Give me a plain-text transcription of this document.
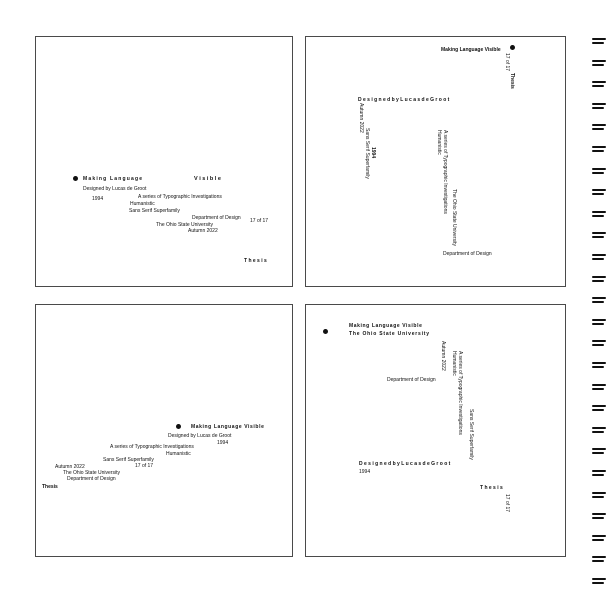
Making Language	V i s i b l e
Designed by Lucas de Groot
1994	A series of Typographic Investigations
Humanistic
Sans Serif Superfamily
Department of Design 17 of 17
The Ohio State University
Autumn 2022
T h e s i s
Making Language Visible
17 of 17
Thesis
D e s i g n e d b y L u c a s d e G r o o t
Autumn 2022
Sans Serif Superfamily 1994	A series of Typographic Investigations
Humanistic
The Ohio State University
Department of Design
Making Language Visible
Designed by Lucas de Groot
1994
A series of Typographic Investigations
Humanistic
Sans Serif Superfamily
17 of 17
Autumn 2022
The Ohio State University
Department of Design
Thesis
Making Language Visible
The Ohio State University
Autumn 2022 A series of Typographic Investigations
Humanistic
Department of Design
Sans Serif Superfamily
D e s i g n e d b y L u c a s d e G r o o t
1994
T h e s i s
17 of 17
